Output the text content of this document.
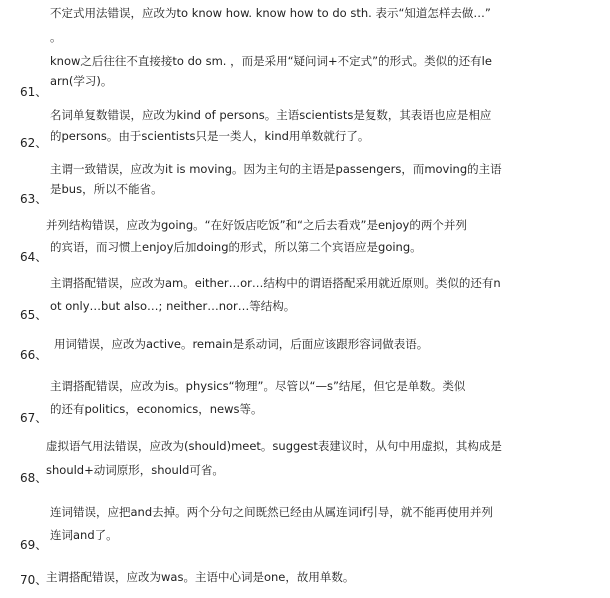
不定式用法错误，应改为to know how. know how to do sth. 表示“知道怎样去做…”
。
know之后往往不直接接to do sm. ，而是采用“疑问词+不定式”的形式。类似的还有le
arn(学习)。
61、
名词单复数错误，应改为kind of persons。主语scientists是复数，其表语也应是相应
的persons。由于scientists只是一类人，kind用单数就行了。
62、
主谓一致错误，应改为it is moving。因为主句的主语是passengers，而moving的主语
是bus，所以不能省。
63、
并列结构错误，应改为going。“在好饭店吃饭”和“之后去看戏”是enjoy的两个并列
的宾语，而习惯上enjoy后加doing的形式，所以第二个宾语应是going。
64、
主谓搭配错误，应改为am。either…or…结构中的谓语搭配采用就近原则。类似的还有n
ot only…but also…; neither…nor…等结构。
65、
用词错误，应改为active。remain是系动词，后面应该跟形容词做表语。
66、
主谓搭配错误，应改为is。physics“物理”。尽管以“—s”结尾，但它是单数。类似
的还有politics，economics，news等。
67、
虚拟语气用法错误，应改为(should)meet。suggest表建议时，从句中用虚拟，其构成是
should+动词原形，should可省。
68、
连词错误，应把and去掉。两个分句之间既然已经由从属连词if引导，就不能再使用并列
连词and了。
69、
70、
主谓搭配错误，应改为was。主语中心词是one，故用单数。
